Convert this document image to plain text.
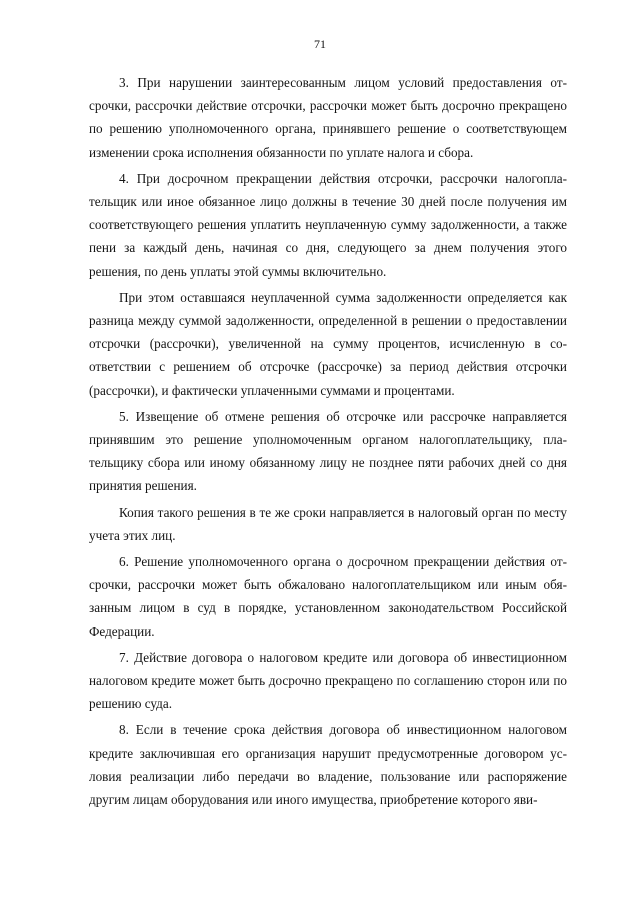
71

3. При нарушении заинтересованным лицом условий предоставления отсрочки, рассрочки действие отсрочки, рассрочки может быть досрочно прекращено по решению уполномоченного органа, принявшего решение о соответствующем изменении срока исполнения обязанности по уплате налога и сбора.

4. При досрочном прекращении действия отсрочки, рассрочки налогоплательщик или иное обязанное лицо должны в течение 30 дней после получения им соответствующего решения уплатить неуплаченную сумму задолженности, а также пени за каждый день, начиная со дня, следующего за днем получения этого решения, по день уплаты этой суммы включительно.

При этом оставшаяся неуплаченной сумма задолженности определяется как разница между суммой задолженности, определенной в решении о предоставлении отсрочки (рассрочки), увеличенной на сумму процентов, исчисленную в соответствии с решением об отсрочке (рассрочке) за период действия отсрочки (рассрочки), и фактически уплаченными суммами и процентами.

5. Извещение об отмене решения об отсрочке или рассрочке направляется принявшим это решение уполномоченным органом налогоплательщику, плательщику сбора или иному обязанному лицу не позднее пяти рабочих дней со дня принятия решения.

Копия такого решения в те же сроки направляется в налоговый орган по месту учета этих лиц.

6. Решение уполномоченного органа о досрочном прекращении действия отсрочки, рассрочки может быть обжаловано налогоплательщиком или иным обязанным лицом в суд в порядке, установленном законодательством Российской Федерации.

7. Действие договора о налоговом кредите или договора об инвестиционном налоговом кредите может быть досрочно прекращено по соглашению сторон или по решению суда.

8. Если в течение срока действия договора об инвестиционном налоговом кредите заключившая его организация нарушит предусмотренные договором условия реализации либо передачи во владение, пользование или распоряжение другим лицам оборудования или иного имущества, приобретение которого яви-
